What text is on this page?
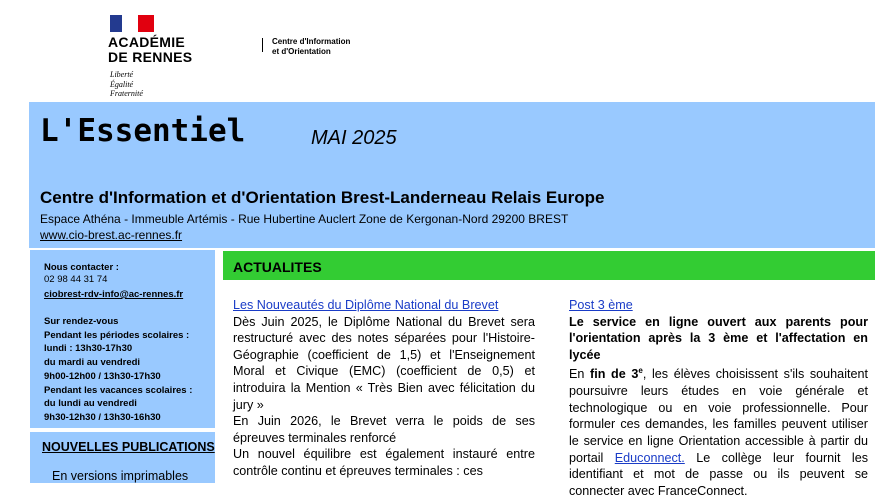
ACADÉMIE
DE RENNES
Liberté
Égalité
Fraternité
Centre d'Information
et d'Orientation
L'Essentiel	MAI 2025
Centre d'Information et d'Orientation Brest-Landerneau Relais Europe
Espace Athéna - Immeuble Artémis - Rue Hubertine Auclert Zone de Kergonan-Nord 29200 BREST
www.cio-brest.ac-rennes.fr
Nous contacter :
02 98 44 31 74
ciobrest-rdv-info@ac-rennes.fr
Sur rendez-vous
Pendant les périodes scolaires :
lundi : 13h30-17h30
du mardi au vendredi
9h00-12h00 / 13h30-17h30
Pendant les vacances scolaires :
du lundi au vendredi
9h30-12h30 / 13h30-16h30
NOUVELLES PUBLICATIONS
En versions imprimables
ACTUALITES

Les Nouveautés du Diplôme National du Brevet

Dès Juin 2025, le Diplôme National du Brevet sera restructuré avec des notes séparées pour l'Histoire-Géographie (coefficient de 1,5) et l'Enseignement Moral et Civique (EMC) (coefficient de 0,5) et introduira la Mention « Très Bien avec félicitation du jury »

En Juin 2026, le Brevet verra le poids de ses épreuves terminales renforcé

Un nouvel équilibre est également instauré entre contrôle continu et épreuves terminales : ces

Post 3 ème

Le service en ligne ouvert aux parents pour l'orientation après la 3 ème et l'affectation en lycée

En fin de 3e, les élèves choisissent s'ils souhaitent poursuivre leurs études en voie générale et technologique ou en voie professionnelle. Pour formuler ces demandes, les familles peuvent utiliser le service en ligne Orientation accessible à partir du portail Educonnect. Le collège leur fournit les identifiant et mot de passe ou ils peuvent se connecter avec FranceConnect.
